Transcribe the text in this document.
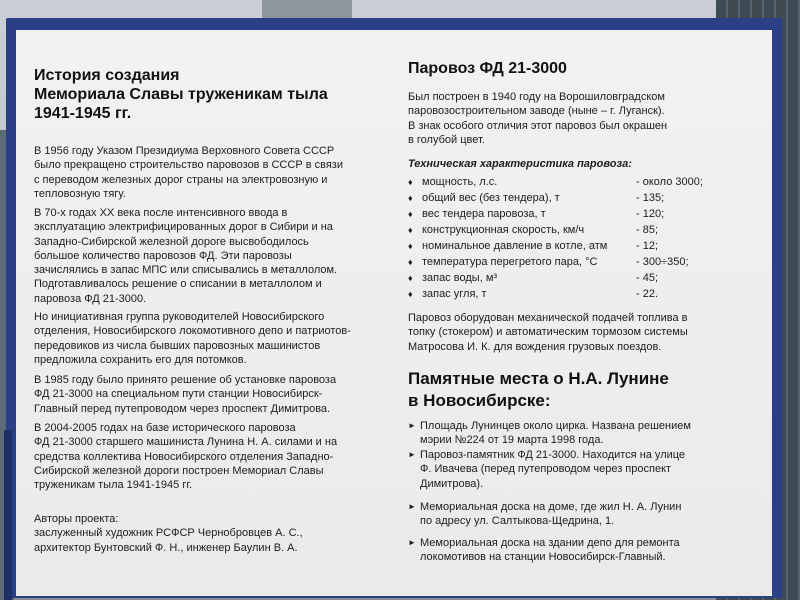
История создания
Мемориала Славы труженикам тыла
1941-1945 гг.

В 1956 году Указом Президиума Верховного Совета СССР
было прекращено строительство паровозов в СССР в связи
с переводом железных дорог страны на электровозную и
тепловозную тягу.

В 70-х годах XX века после интенсивного ввода в
эксплуатацию электрифицированных дорог в Сибири и на
Западно-Сибирской железной дороге высвободилось
большое количество паровозов ФД. Эти паровозы
зачислялись в запас МПС или списывались в металлолом.
Подготавливалось решение о списании в металлолом и
паровоза ФД 21-3000.

Но инициативная группа руководителей Новосибирского
отделения, Новосибирского локомотивного депо и патриотов-
передовиков из числа бывших паровозных машинистов
предложила сохранить его для потомков.

В 1985 году было принято решение об установке паровоза
ФД 21-3000 на специальном пути станции Новосибирск-
Главный перед путепроводом через проспект Димитрова.

В 2004-2005 годах на базе исторического паровоза
ФД 21-3000 старшего машиниста Лунина Н. А. силами и на
средства коллектива Новосибирского отделения Западно-
Сибирской железной дороги построен Мемориал Славы
труженикам тыла 1941-1945 гг.

Авторы проекта:
заслуженный художник РСФСР Чернобровцев А. С.,
архитектор Бунтовский Ф. Н., инженер Баулин В. А.

Паровоз ФД 21-3000

Был построен в 1940 году на Ворошиловградском
паровозостроительном заводе (ныне – г. Луганск).
В знак особого отличия этот паровоз был окрашен
в голубой цвет.

Техническая характеристика паровоза:
♦ мощность, л.с.	- около 3000;
♦ общий вес (без тендера), т	- 135;
♦ вес тендера паровоза, т	- 120;
♦ конструкционная скорость, км/ч	- 85;
♦ номинальное давление в котле, атм	- 12;
♦ температура перегретого пара, °С	- 300÷350;
♦ запас воды, м³	- 45;
♦ запас угля, т	- 22.

Паровоз оборудован механической подачей топлива в
топку (стокером) и автоматическим тормозом системы
Матросова И. К. для вождения грузовых поездов.

Памятные места о Н.А. Лунине
в Новосибирске:
► Площадь Лунинцев около цирка. Названа решением
мэрии №224 от 19 марта 1998 года.
► Паровоз-памятник ФД 21-3000. Находится на улице
Ф. Ивачева (перед путепроводом через проспект
Димитрова).
► Мемориальная доска на доме, где жил Н. А. Лунин
по адресу ул. Салтыкова-Щедрина, 1.
► Мемориальная доска на здании депо для ремонта
локомотивов на станции Новосибирск-Главный.
